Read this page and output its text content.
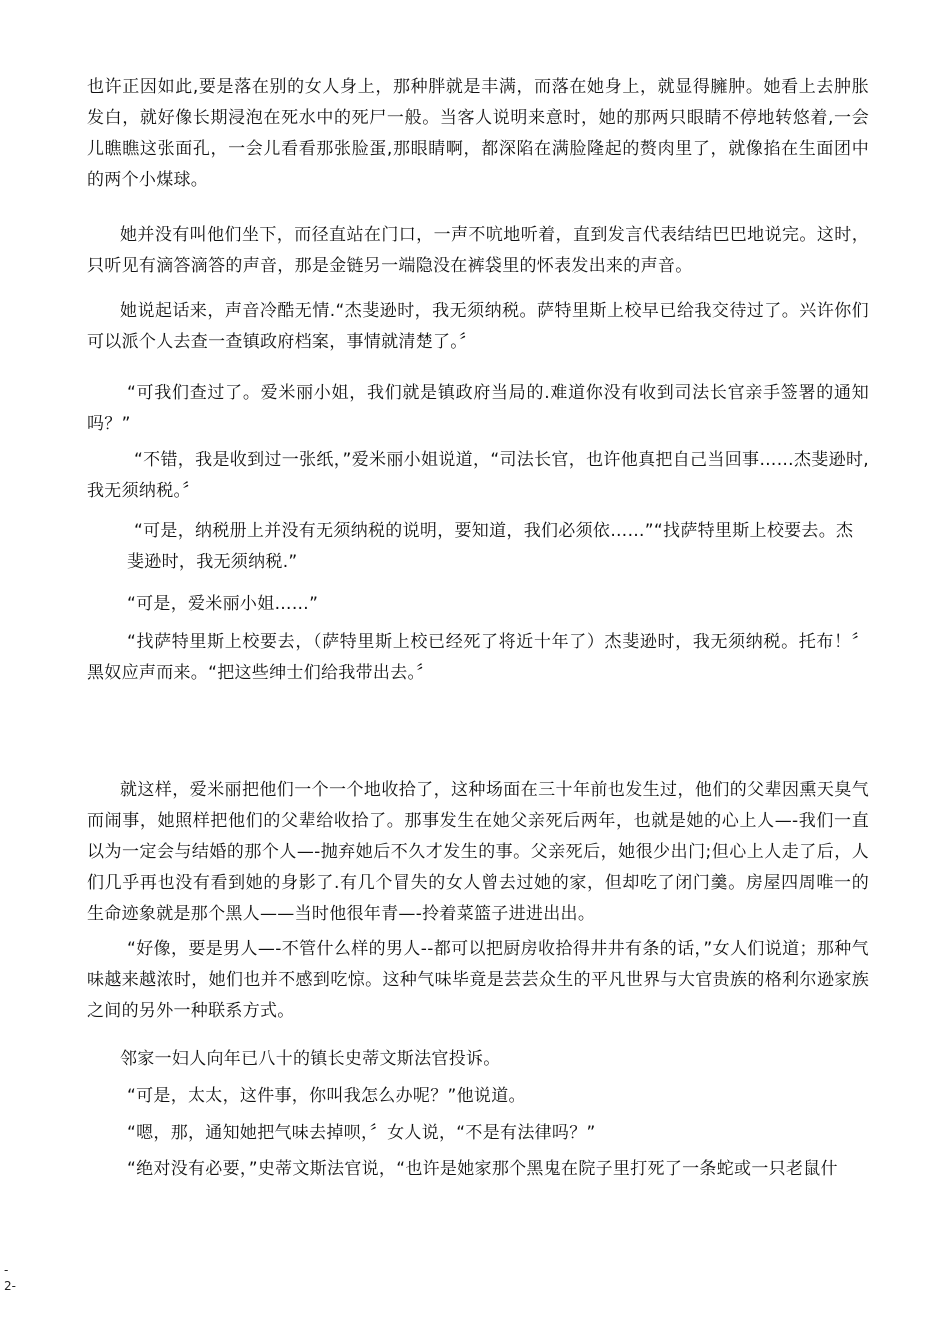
也许正因如此,要是落在别的女人身上，那种胖就是丰满，而落在她身上，就显得臃肿。她看上去肿胀发白，就好像长期浸泡在死水中的死尸一般。当客人说明来意时，她的那两只眼睛不停地转悠着,一会儿瞧瞧这张面孔，一会儿看看那张脸蛋,那眼睛啊，都深陷在满脸隆起的赘肉里了，就像掐在生面团中的两个小煤球。

她并没有叫他们坐下，而径直站在门口，一声不吭地听着，直到发言代表结结巴巴地说完。这时，只听见有滴答滴答的声音，那是金链另一端隐没在裤袋里的怀表发出来的声音。

她说起话来，声音冷酷无情.“杰斐逊时，我无须纳税。萨特里斯上校早已给我交待过了。兴许你们可以派个人去查一查镇政府档案，事情就清楚了。〞

“可我们查过了。爱米丽小姐，我们就是镇政府当局的.难道你没有收到司法长官亲手签署的通知吗？”

“不错，我是收到过一张纸，”爱米丽小姐说道，“司法长官，也许他真把自己当回事……杰斐逊时,我无须纳税。〞

“可是，纳税册上并没有无须纳税的说明，要知道，我们必须依……”“找萨特里斯上校要去。杰
斐逊时，我无须纳税.”

“可是，爱米丽小姐……”

“找萨特里斯上校要去，（萨特里斯上校已经死了将近十年了）杰斐逊时，我无须纳税。托布！〞黑奴应声而来。“把这些绅士们给我带出去。〞

就这样，爱米丽把他们一个一个地收拾了，这种场面在三十年前也发生过，他们的父辈因熏天臭气而闹事，她照样把他们的父辈给收拾了。那事发生在她父亲死后两年，也就是她的心上人—-我们一直以为一定会与结婚的那个人—-抛弃她后不久才发生的事。父亲死后，她很少出门;但心上人走了后，人们几乎再也没有看到她的身影了.有几个冒失的女人曾去过她的家，但却吃了闭门羹。房屋四周唯一的生命迹象就是那个黑人——当时他很年青—-拎着菜篮子进进出出。

“好像，要是男人—-不管什么样的男人--都可以把厨房收拾得井井有条的话，”女人们说道；那种气味越来越浓时，她们也并不感到吃惊。这种气味毕竟是芸芸众生的平凡世界与大官贵族的格利尔逊家族之间的另外一种联系方式。

邻家一妇人向年已八十的镇长史蒂文斯法官投诉。

“可是，太太，这件事，你叫我怎么办呢？”他说道。

“嗯，那，通知她把气味去掉呗，〞女人说，“不是有法律吗？”

“绝对没有必要，”史蒂文斯法官说，“也许是她家那个黑鬼在院子里打死了一条蛇或一只老鼠什

-
2-
